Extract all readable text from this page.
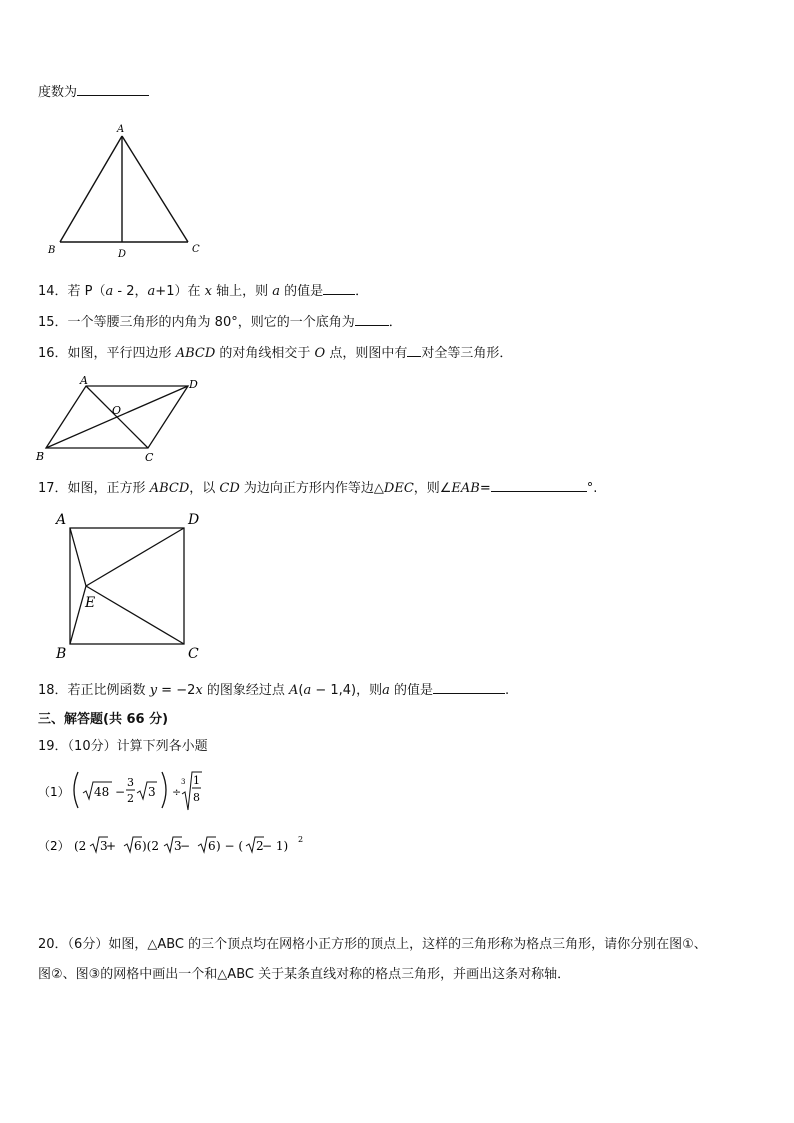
度数为
A
B	D	C
14．若 P（a - 2，a+1）在 x 轴上，则 a 的值是 ．
15．一个等腰三角形的内角为 80°，则它的一个底角为	．
16．如图，平行四边形 ABCD 的对角线相交于 O 点，则图中有 对全等三角形．
A	D
O
B	C
17．如图，正方形 ABCD，以 CD 为边向正方形内作等边△DEC，则∠EAB=	°.
A	D
E
B	C
18．若正比例函数 y = −2x 的图象经过点 A(a − 1,4)，则a 的值是	.
三、解答题(共 66 分)
19．（10分）计算下列各小题
（1） 48 −
3
2 3 ÷
3 1
8
（2） (2 3
+ 6 )(2 3
− 6 ) − ( 2
− 1) 2
20．（6分）如图，△ABC 的三个顶点均在网格小正方形的顶点上，这样的三角形称为格点三角形，请你分别在图①、
图②、图③的网格中画出一个和△ABC 关于某条直线对称的格点三角形，并画出这条对称轴．
